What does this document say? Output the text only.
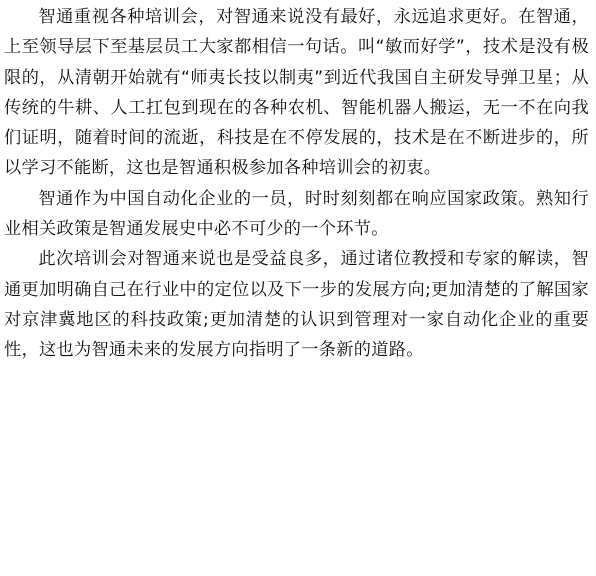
智通重视各种培训会，对智通来说没有最好，永远追求更好。在智通，上至领导层下至基层员工大家都相信一句话。叫“敏而好学”，技术是没有极限的，从清朝开始就有“师夷长技以制夷”到近代我国自主研发导弹卫星；从传统的牛耕、人工扛包到现在的各种农机、智能机器人搬运，无一不在向我们证明，随着时间的流逝，科技是在不停发展的，技术是在不断进步的，所以学习不能断，这也是智通积极参加各种培训会的初衷。

智通作为中国自动化企业的一员，时时刻刻都在响应国家政策。熟知行业相关政策是智通发展史中必不可少的一个环节。

此次培训会对智通来说也是受益良多，通过诸位教授和专家的解读，智通更加明确自己在行业中的定位以及下一步的发展方向;更加清楚的了解国家对京津冀地区的科技政策;更加清楚的认识到管理对一家自动化企业的重要性，这也为智通未来的发展方向指明了一条新的道路。
